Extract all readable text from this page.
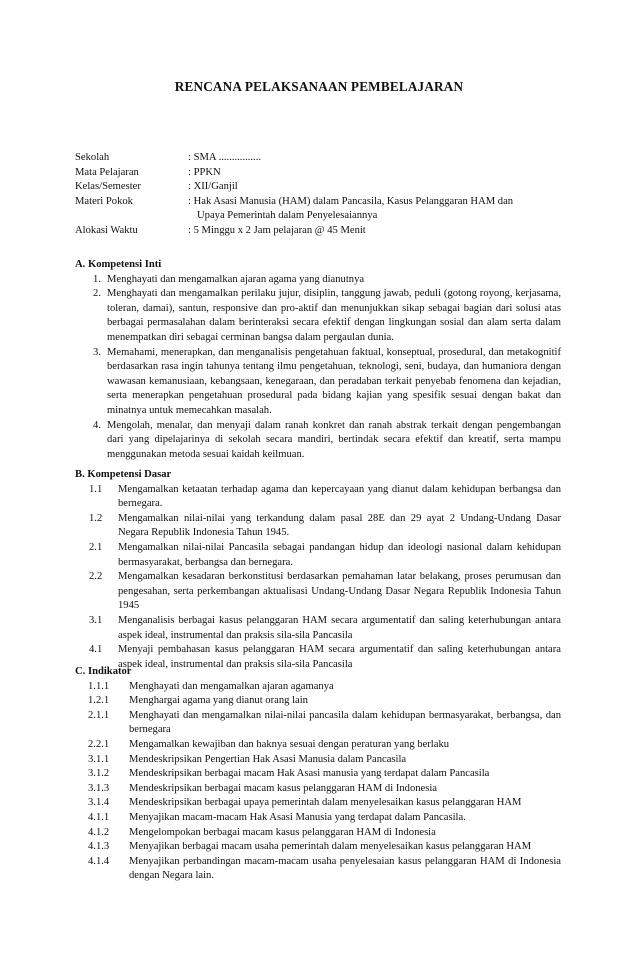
RENCANA PELAKSANAAN PEMBELAJARAN
Sekolah	: SMA ................
Mata Pelajaran	: PPKN
Kelas/Semester	: XII/Ganjil
Materi Pokok	: Hak Asasi Manusia (HAM) dalam Pancasila, Kasus Pelanggaran HAM dan
Upaya Pemerintah dalam Penyelesaiannya
Alokasi Waktu	: 5 Minggu x 2 Jam pelajaran @ 45 Menit
A. Kompetensi Inti
1. Menghayati dan mengamalkan ajaran agama yang dianutnya
2. Menghayati dan mengamalkan perilaku jujur, disiplin, tanggung jawab, peduli (gotong royong, kerjasama, toleran, damai), santun, responsive dan pro-aktif dan menunjukkan sikap sebagai bagian dari solusi atas berbagai permasalahan dalam berinteraksi secara efektif dengan lingkungan sosial dan alam serta dalam menempatkan diri sebagai cerminan bangsa dalam pergaulan dunia.
3. Memahami, menerapkan, dan menganalisis pengetahuan faktual, konseptual, prosedural, dan metakognitif berdasarkan rasa ingin tahunya tentang ilmu pengetahuan, teknologi, seni, budaya, dan humaniora dengan wawasan kemanusiaan, kebangsaan, kenegaraan, dan peradaban terkait penyebab fenomena dan kejadian, serta menerapkan pengetahuan prosedural pada bidang kajian yang spesifik sesuai dengan bakat dan minatnya untuk memecahkan masalah.
4. Mengolah, menalar, dan menyaji dalam ranah konkret dan ranah abstrak terkait dengan pengembangan dari yang dipelajarinya di sekolah secara mandiri, bertindak secara efektif dan kreatif, serta mampu menggunakan metoda sesuai kaidah keilmuan.
B. Kompetensi Dasar
1.1	Mengamalkan ketaatan terhadap agama dan kepercayaan yang dianut dalam kehidupan berbangsa dan bernegara.
1.2	Mengamalkan nilai-nilai yang terkandung dalam pasal 28E dan 29 ayat 2 Undang-Undang Dasar Negara Republik Indonesia Tahun 1945.
2.1	Mengamalkan nilai-nilai Pancasila sebagai pandangan hidup dan ideologi nasional dalam kehidupan bermasyarakat, berbangsa dan bernegara.
2.2	Mengamalkan kesadaran berkonstitusi berdasarkan pemahaman latar belakang, proses perumusan dan pengesahan, serta perkembangan aktualisasi Undang-Undang Dasar Negara Republik Indonesia Tahun 1945
3.1	Menganalisis berbagai kasus pelanggaran HAM secara argumentatif dan saling keterhubungan antara aspek ideal, instrumental dan praksis sila-sila Pancasila
4.1	Menyaji pembahasan kasus pelanggaran HAM secara argumentatif dan saling keterhubungan antara aspek ideal, instrumental dan praksis sila-sila Pancasila
C. Indikator
1.1.1	Menghayati dan mengamalkan ajaran agamanya
1.2.1	Menghargai agama yang dianut orang lain
2.1.1	Menghayati dan mengamalkan nilai-nilai pancasila dalam kehidupan bermasyarakat, berbangsa, dan bernegara
2.2.1	Mengamalkan kewajiban dan haknya sesuai dengan peraturan yang berlaku
3.1.1	Mendeskripsikan Pengertian Hak Asasi Manusia dalam Pancasila
3.1.2	Mendeskripsikan berbagai macam Hak Asasi manusia yang terdapat dalam Pancasila
3.1.3	Mendeskripsikan berbagai macam kasus pelanggaran HAM di Indonesia
3.1.4	Mendeskripsikan berbagai upaya pemerintah dalam menyelesaikan kasus pelanggaran HAM
4.1.1	Menyajikan macam-macam Hak Asasi Manusia yang terdapat dalam Pancasila.
4.1.2	Mengelompokan berbagai macam kasus pelanggaran HAM di Indonesia
4.1.3	Menyajikan berbagai macam usaha pemerintah dalam menyelesaikan kasus pelanggaran HAM
4.1.4	Menyajikan perbandingan macam-macam usaha penyelesaian kasus pelanggaran HAM di Indonesia dengan Negara lain.
